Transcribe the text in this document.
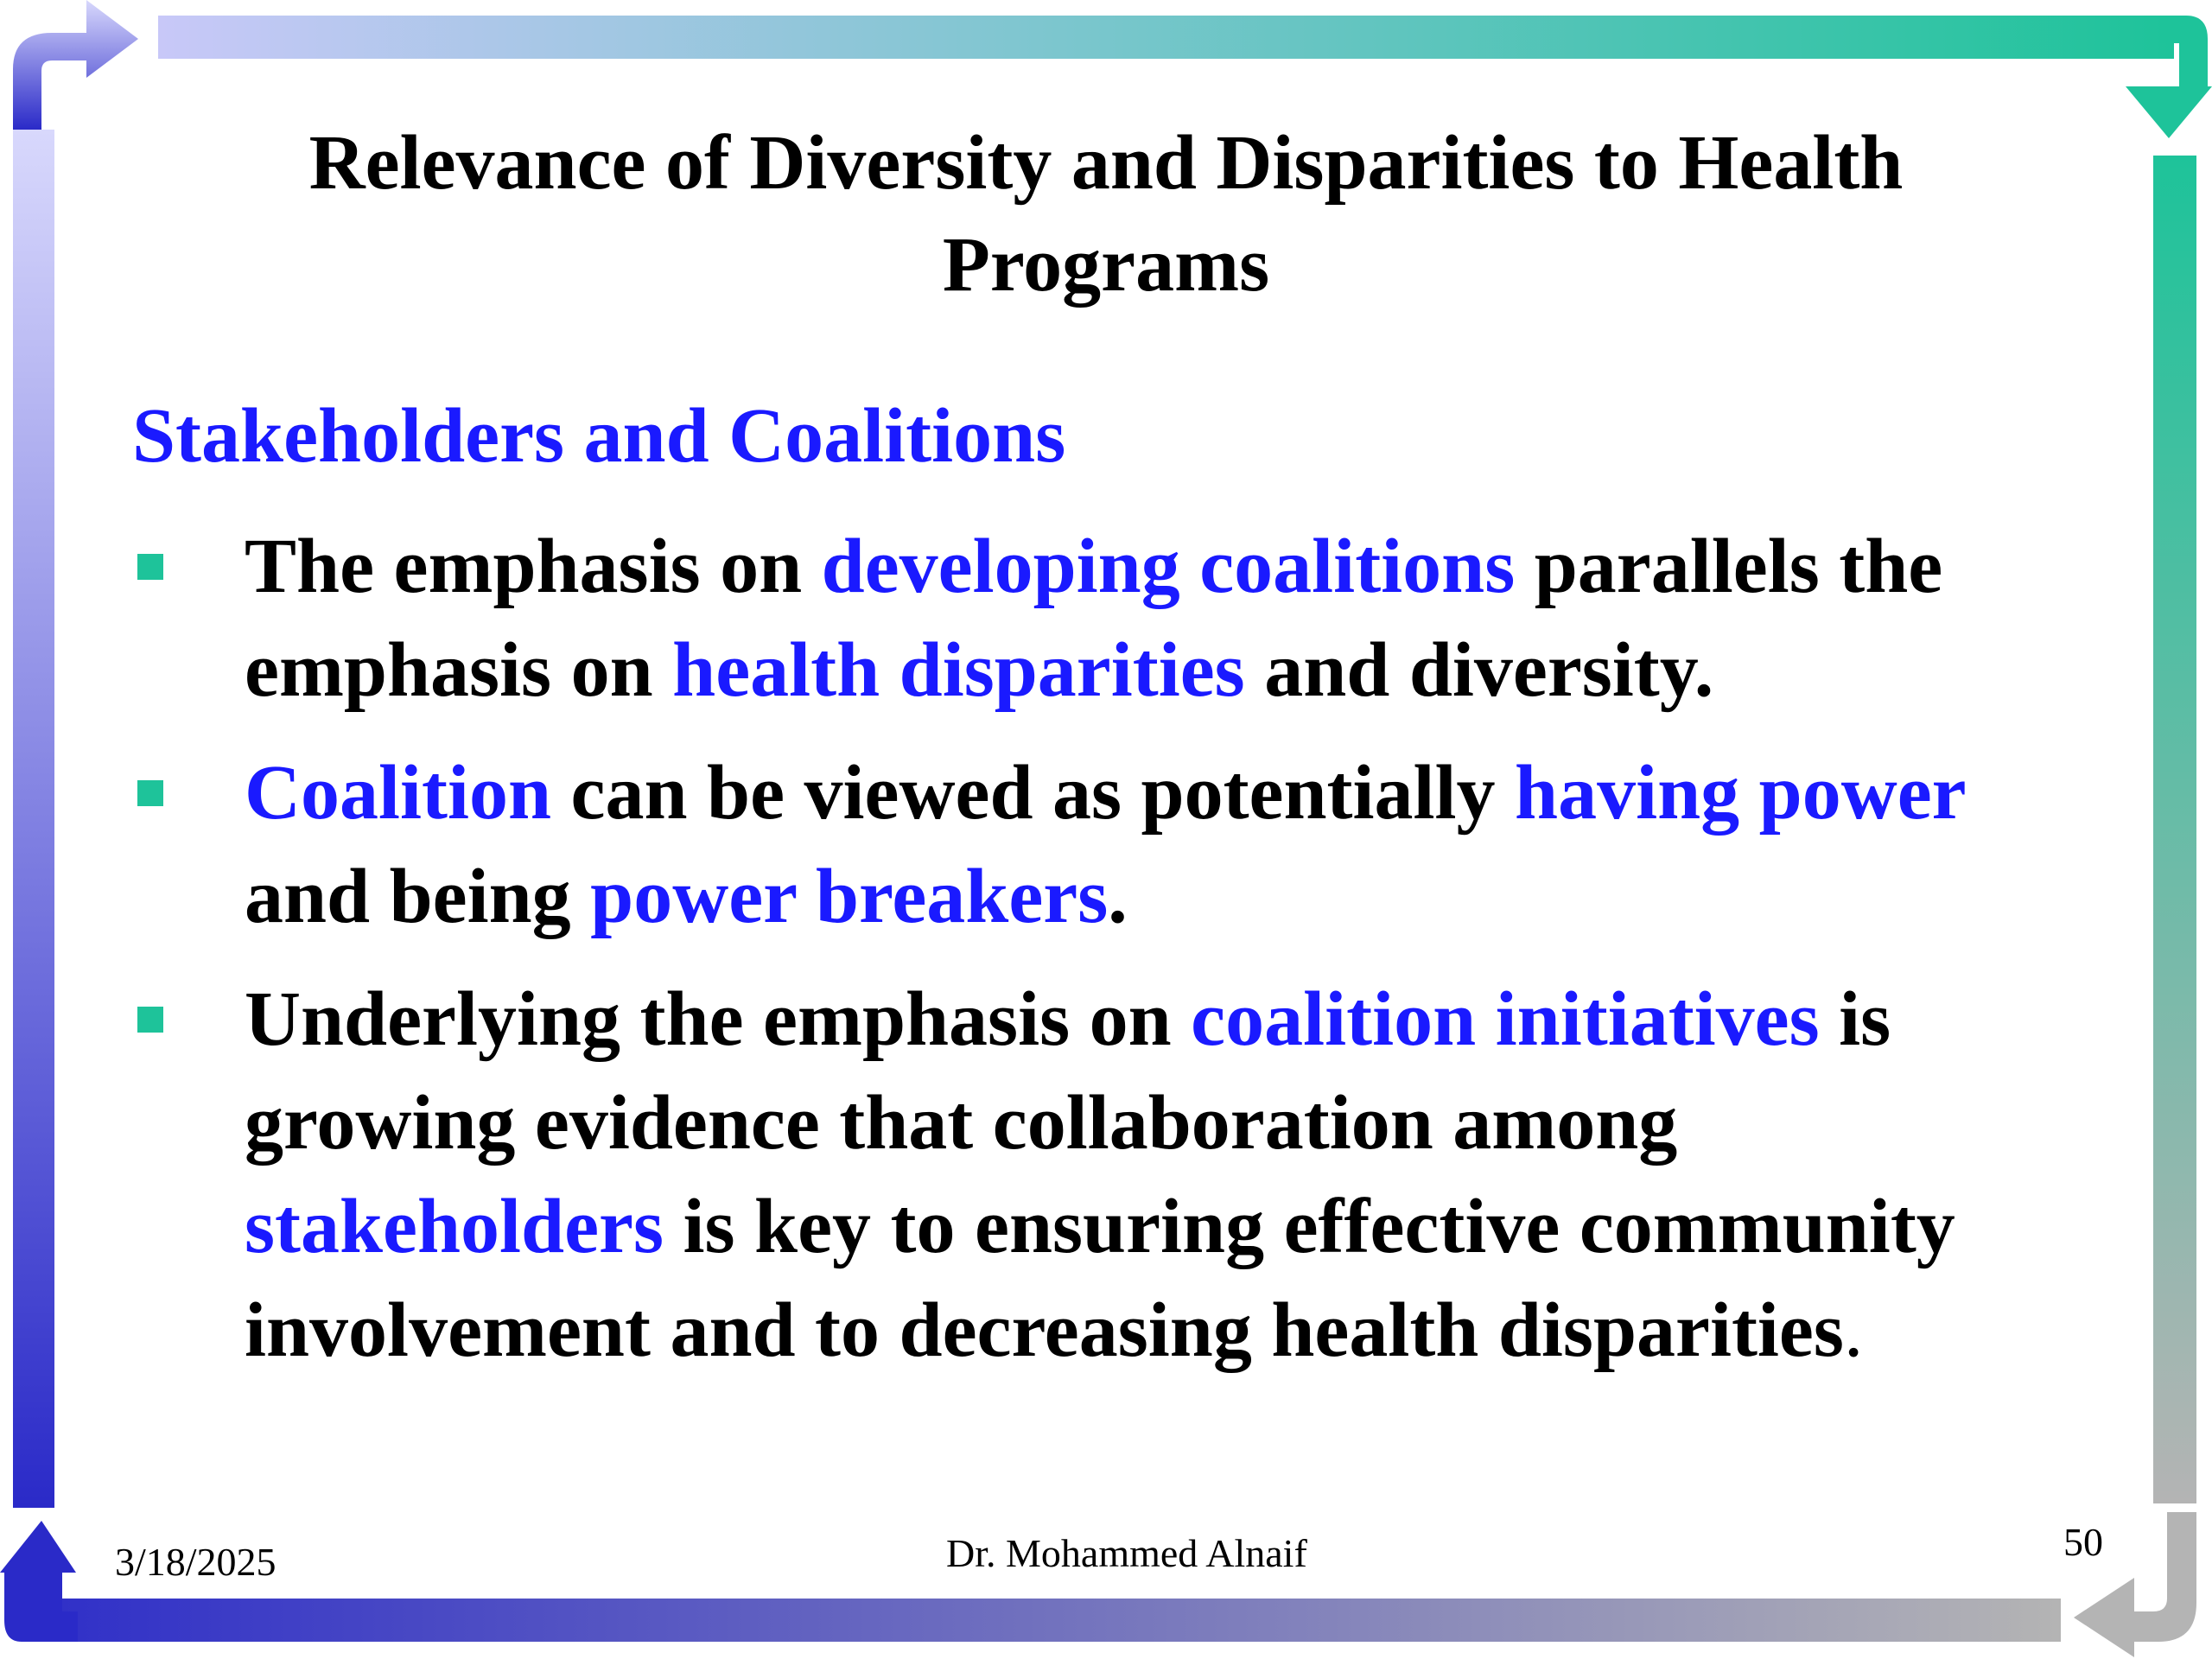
Relevance of Diversity and Disparities to Health Programs
Stakeholders and Coalitions
The emphasis on developing coalitions parallels the emphasis on health disparities and diversity.
Coalition can be viewed as potentially having power and being power breakers.
Underlying the emphasis on coalition initiatives is growing evidence that collaboration among stakeholders is key to ensuring effective community involvement and to decreasing health disparities.
3/18/2025	Dr. Mohammed Alnaif	50
